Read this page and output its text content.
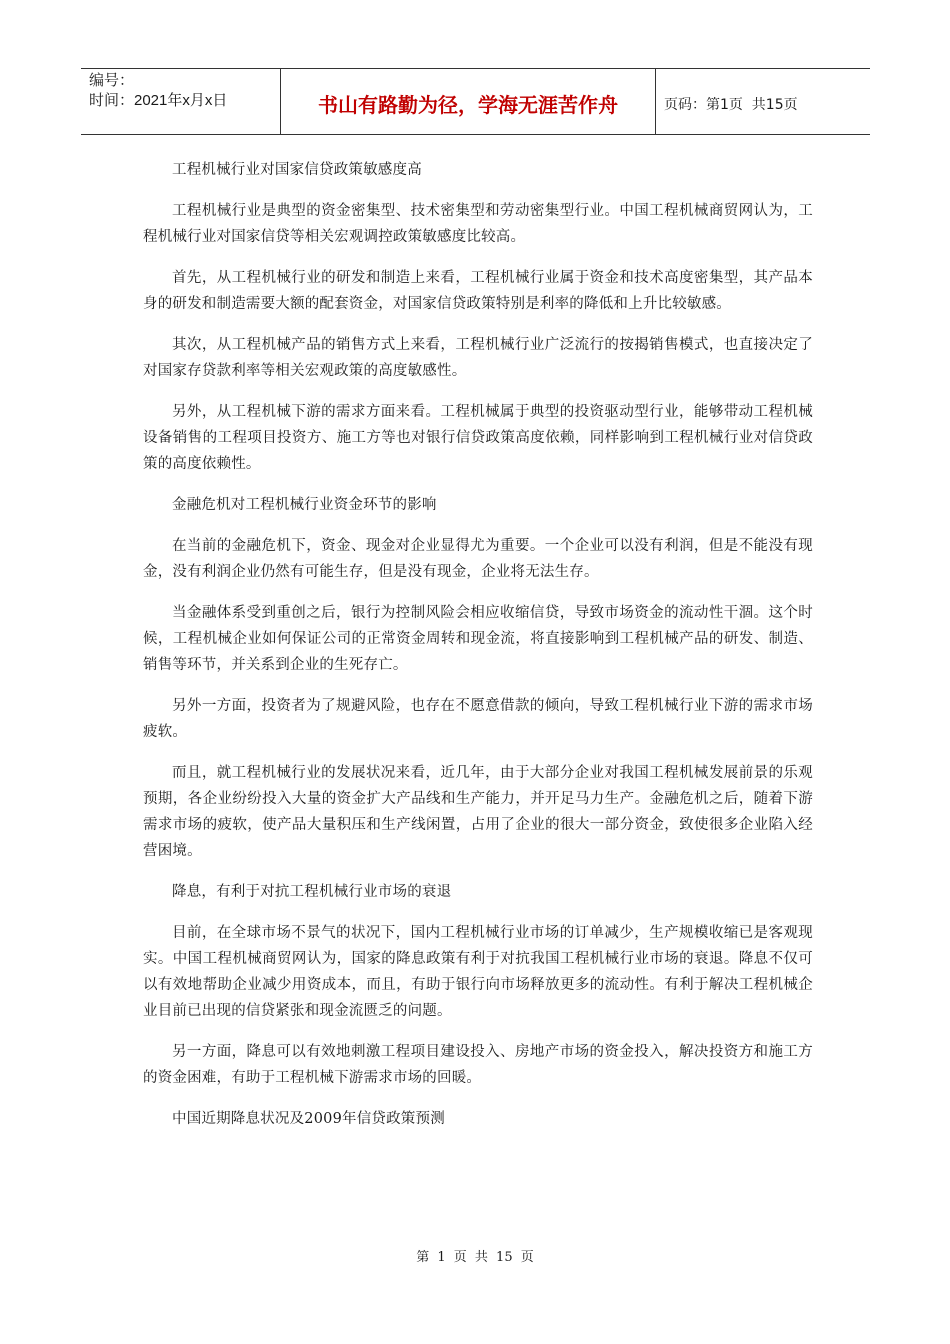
编号：
时间：2021年x月x日	书山有路勤为径，学海无涯苦作舟	页码：第1页  共15页

工程机械行业对国家信贷政策敏感度高

工程机械行业是典型的资金密集型、技术密集型和劳动密集型行业。中国工程机械商贸网认为，工程机械行业对国家信贷等相关宏观调控政策敏感度比较高。

首先，从工程机械行业的研发和制造上来看，工程机械行业属于资金和技术高度密集型，其产品本身的研发和制造需要大额的配套资金，对国家信贷政策特别是利率的降低和上升比较敏感。

其次，从工程机械产品的销售方式上来看，工程机械行业广泛流行的按揭销售模式，也直接决定了对国家存贷款利率等相关宏观政策的高度敏感性。

另外，从工程机械下游的需求方面来看。工程机械属于典型的投资驱动型行业，能够带动工程机械设备销售的工程项目投资方、施工方等也对银行信贷政策高度依赖，同样影响到工程机械行业对信贷政策的高度依赖性。

金融危机对工程机械行业资金环节的影响

在当前的金融危机下，资金、现金对企业显得尤为重要。一个企业可以没有利润，但是不能没有现金，没有利润企业仍然有可能生存，但是没有现金，企业将无法生存。

当金融体系受到重创之后，银行为控制风险会相应收缩信贷，导致市场资金的流动性干涸。这个时候，工程机械企业如何保证公司的正常资金周转和现金流，将直接影响到工程机械产品的研发、制造、销售等环节，并关系到企业的生死存亡。

另外一方面，投资者为了规避风险，也存在不愿意借款的倾向，导致工程机械行业下游的需求市场疲软。

而且，就工程机械行业的发展状况来看，近几年，由于大部分企业对我国工程机械发展前景的乐观预期，各企业纷纷投入大量的资金扩大产品线和生产能力，并开足马力生产。金融危机之后，随着下游需求市场的疲软，使产品大量积压和生产线闲置，占用了企业的很大一部分资金，致使很多企业陷入经营困境。

降息，有利于对抗工程机械行业市场的衰退

目前，在全球市场不景气的状况下，国内工程机械行业市场的订单减少，生产规模收缩已是客观现实。中国工程机械商贸网认为，国家的降息政策有利于对抗我国工程机械行业市场的衰退。降息不仅可以有效地帮助企业减少用资成本，而且，有助于银行向市场释放更多的流动性。有利于解决工程机械企业目前已出现的信贷紧张和现金流匮乏的问题。

另一方面，降息可以有效地刺激工程项目建设投入、房地产市场的资金投入，解决投资方和施工方的资金困难，有助于工程机械下游需求市场的回暖。

中国近期降息状况及2009年信贷政策预测

第 1 页 共 15 页
